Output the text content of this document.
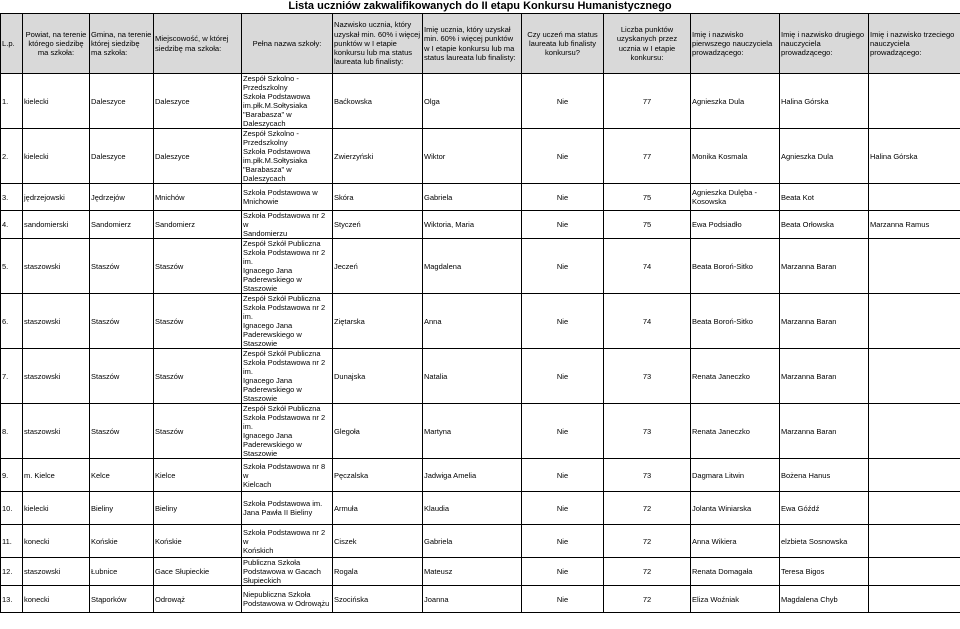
Lista uczniów zakwalifikowanych do II etapu Konkursu Humanistycznego
L.p.	Powiat, na terenie którego siedzibę ma szkoła:	Gmina, na terenie której siedzibę ma szkoła:	Miejscowość, w której siedzibę ma szkoła:	Pełna nazwa szkoły:	Nazwisko ucznia, który uzyskał min. 60% i więcej punktów w I etapie konkursu lub ma status laureata lub finalisty:	Imię ucznia, który uzyskał min. 60% i więcej punktów w I etapie konkursu lub ma status laureata lub finalisty:	Czy uczeń ma status laureata lub finalisty konkursu?	Liczba punktów uzyskanych przez ucznia w I etapie konkursu:	Imię i nazwisko pierwszego nauczyciela prowadzącego:	Imię i nazwisko drugiego nauczyciela prowadzącego:	Imię i nazwisko trzeciego nauczyciela prowadzącego:
1.	kielecki	Daleszyce	Daleszyce	Zespół Szkolno -
Przedszkolny
Szkoła Podstawowa
im.płk.M.Sołtysiaka
"Barabasza" w Daleszycach	Baćkowska	Olga	Nie	77	Agnieszka Dula	Halina Górska	
2.	kielecki	Daleszyce	Daleszyce	Zespół Szkolno -
Przedszkolny
Szkoła Podstawowa
im.płk.M.Sołtysiaka
"Barabasza" w Daleszycach	Zwierzyński	Wiktor	Nie	77	Monika Kosmala	Agnieszka Dula	Halina Górska
3.	jędrzejowski	Jędrzejów	Mnichów	Szkoła Podstawowa w
Mnichowie	Skóra	Gabriela	Nie	75	Agnieszka Dulęba - Kosowska	Beata Kot	
4.	sandomierski	Sandomierz	Sandomierz	Szkoła Podstawowa nr 2 w
Sandomierzu	Styczeń	Wiktoria, Maria	Nie	75	Ewa Podsiadło	Beata Orłowska	Marzanna Ramus
5.	staszowski	Staszów	Staszów	Zespół Szkół Publiczna
Szkoła Podstawowa nr 2 im.
Ignacego Jana
Paderewskiego w Staszowie	Jeczeń	Magdalena	Nie	74	Beata Boroń-Sitko	Marzanna Baran	
6.	staszowski	Staszów	Staszów	Zespół Szkół Publiczna
Szkoła Podstawowa nr 2 im.
Ignacego Jana
Paderewskiego w Staszowie	Ziętarska	Anna	Nie	74	Beata Boroń-Sitko	Marzanna Baran	
7.	staszowski	Staszów	Staszów	Zespół Szkół Publiczna
Szkoła Podstawowa nr 2 im.
Ignacego Jana
Paderewskiego w Staszowie	Dunajska	Natalia	Nie	73	Renata Janeczko	Marzanna Baran	
8.	staszowski	Staszów	Staszów	Zespół Szkół Publiczna
Szkoła Podstawowa nr 2 im.
Ignacego Jana
Paderewskiego w Staszowie	Glegoła	Martyna	Nie	73	Renata Janeczko	Marzanna Baran	
9.	m. Kielce	Kelce	Kielce	Szkoła Podstawowa nr 8 w
Kielcach	Pęczalska	Jadwiga Amelia	Nie	73	Dagmara Litwin	Bożena Hanus	
10.	kielecki	Bieliny	Bieliny	Szkoła Podstawowa im.
Jana Pawła II Bieliny	Armuła	Klaudia	Nie	72	Jolanta Winiarska	Ewa Góźdź	
11.	konecki	Końskie	Końskie	Szkoła Podstawowa nr 2 w
Końskich	Ciszek	Gabriela	Nie	72	Anna Wikiera	elzbieta Sosnowska	
12.	staszowski	Łubnice	Gace Słupieckie	Publiczna Szkoła
Podstawowa w Gacach
Słupieckich	Rogala	Mateusz	Nie	72	Renata Domagała	Teresa Bigos	
13.	konecki	Stąporków	Odrowąż	Niepubliczna Szkoła
Podstawowa w Odrowążu	Szocińska	Joanna	Nie	72	Eliza Woźniak	Magdalena Chyb	
